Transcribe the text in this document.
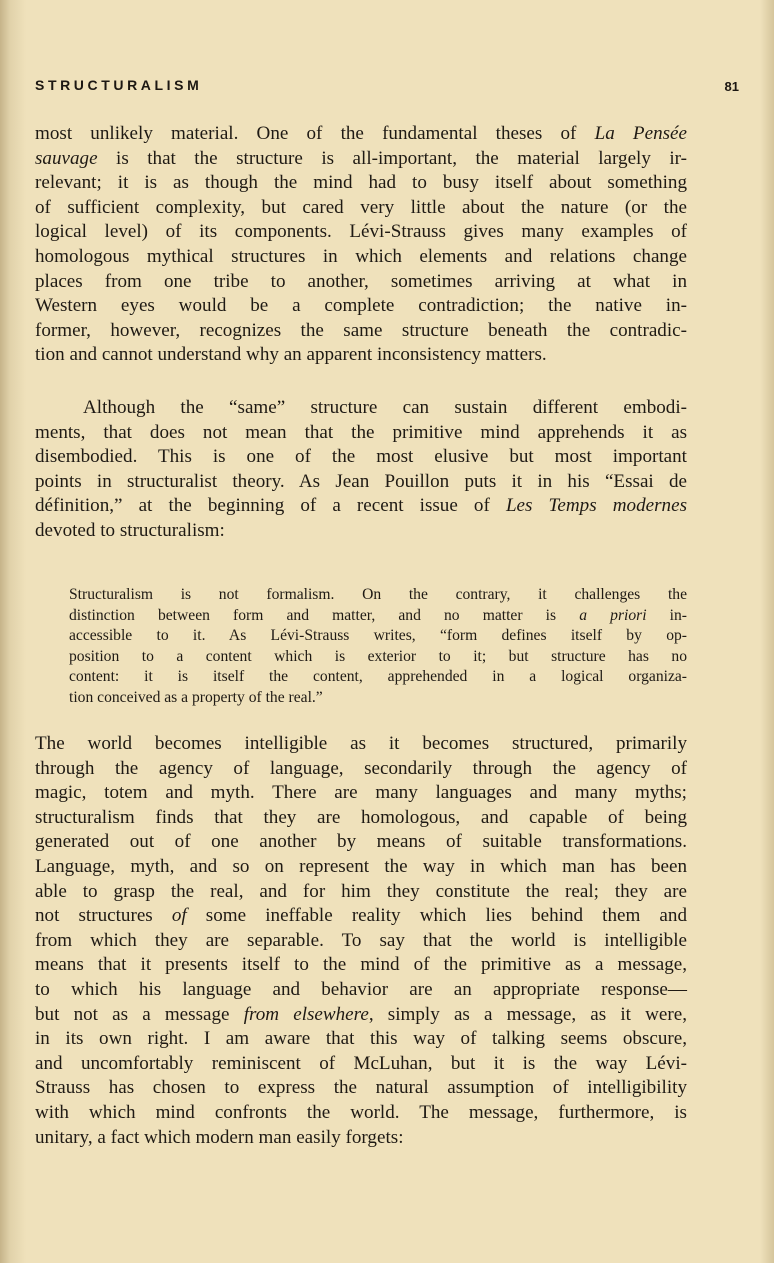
STRUCTURALISM	81
most unlikely material. One of the fundamental theses of La Pensée
sauvage is that the structure is all-important, the material largely ir-
relevant; it is as though the mind had to busy itself about something
of sufficient complexity, but cared very little about the nature (or the
logical level) of its components. Lévi-Strauss gives many examples of
homologous mythical structures in which elements and relations change
places from one tribe to another, sometimes arriving at what in
Western eyes would be a complete contradiction; the native in-
former, however, recognizes the same structure beneath the contradic-
tion and cannot understand why an apparent inconsistency matters.
Although the “same” structure can sustain different embodi-
ments, that does not mean that the primitive mind apprehends it as
disembodied. This is one of the most elusive but most important
points in structuralist theory. As Jean Pouillon puts it in his “Essai de
définition,” at the beginning of a recent issue of Les Temps modernes
devoted to structuralism:
Structuralism is not formalism. On the contrary, it challenges the
distinction between form and matter, and no matter is a priori in-
accessible to it. As Lévi-Strauss writes, “form defines itself by op-
position to a content which is exterior to it; but structure has no
content: it is itself the content, apprehended in a logical organiza-
tion conceived as a property of the real.”
The world becomes intelligible as it becomes structured, primarily
through the agency of language, secondarily through the agency of
magic, totem and myth. There are many languages and many myths;
structuralism finds that they are homologous, and capable of being
generated out of one another by means of suitable transformations.
Language, myth, and so on represent the way in which man has been
able to grasp the real, and for him they constitute the real; they are
not structures of some ineffable reality which lies behind them and
from which they are separable. To say that the world is intelligible
means that it presents itself to the mind of the primitive as a message,
to which his language and behavior are an appropriate response—
but not as a message from elsewhere, simply as a message, as it were,
in its own right. I am aware that this way of talking seems obscure,
and uncomfortably reminiscent of McLuhan, but it is the way Lévi-
Strauss has chosen to express the natural assumption of intelligibility
with which mind confronts the world. The message, furthermore, is
unitary, a fact which modern man easily forgets:
